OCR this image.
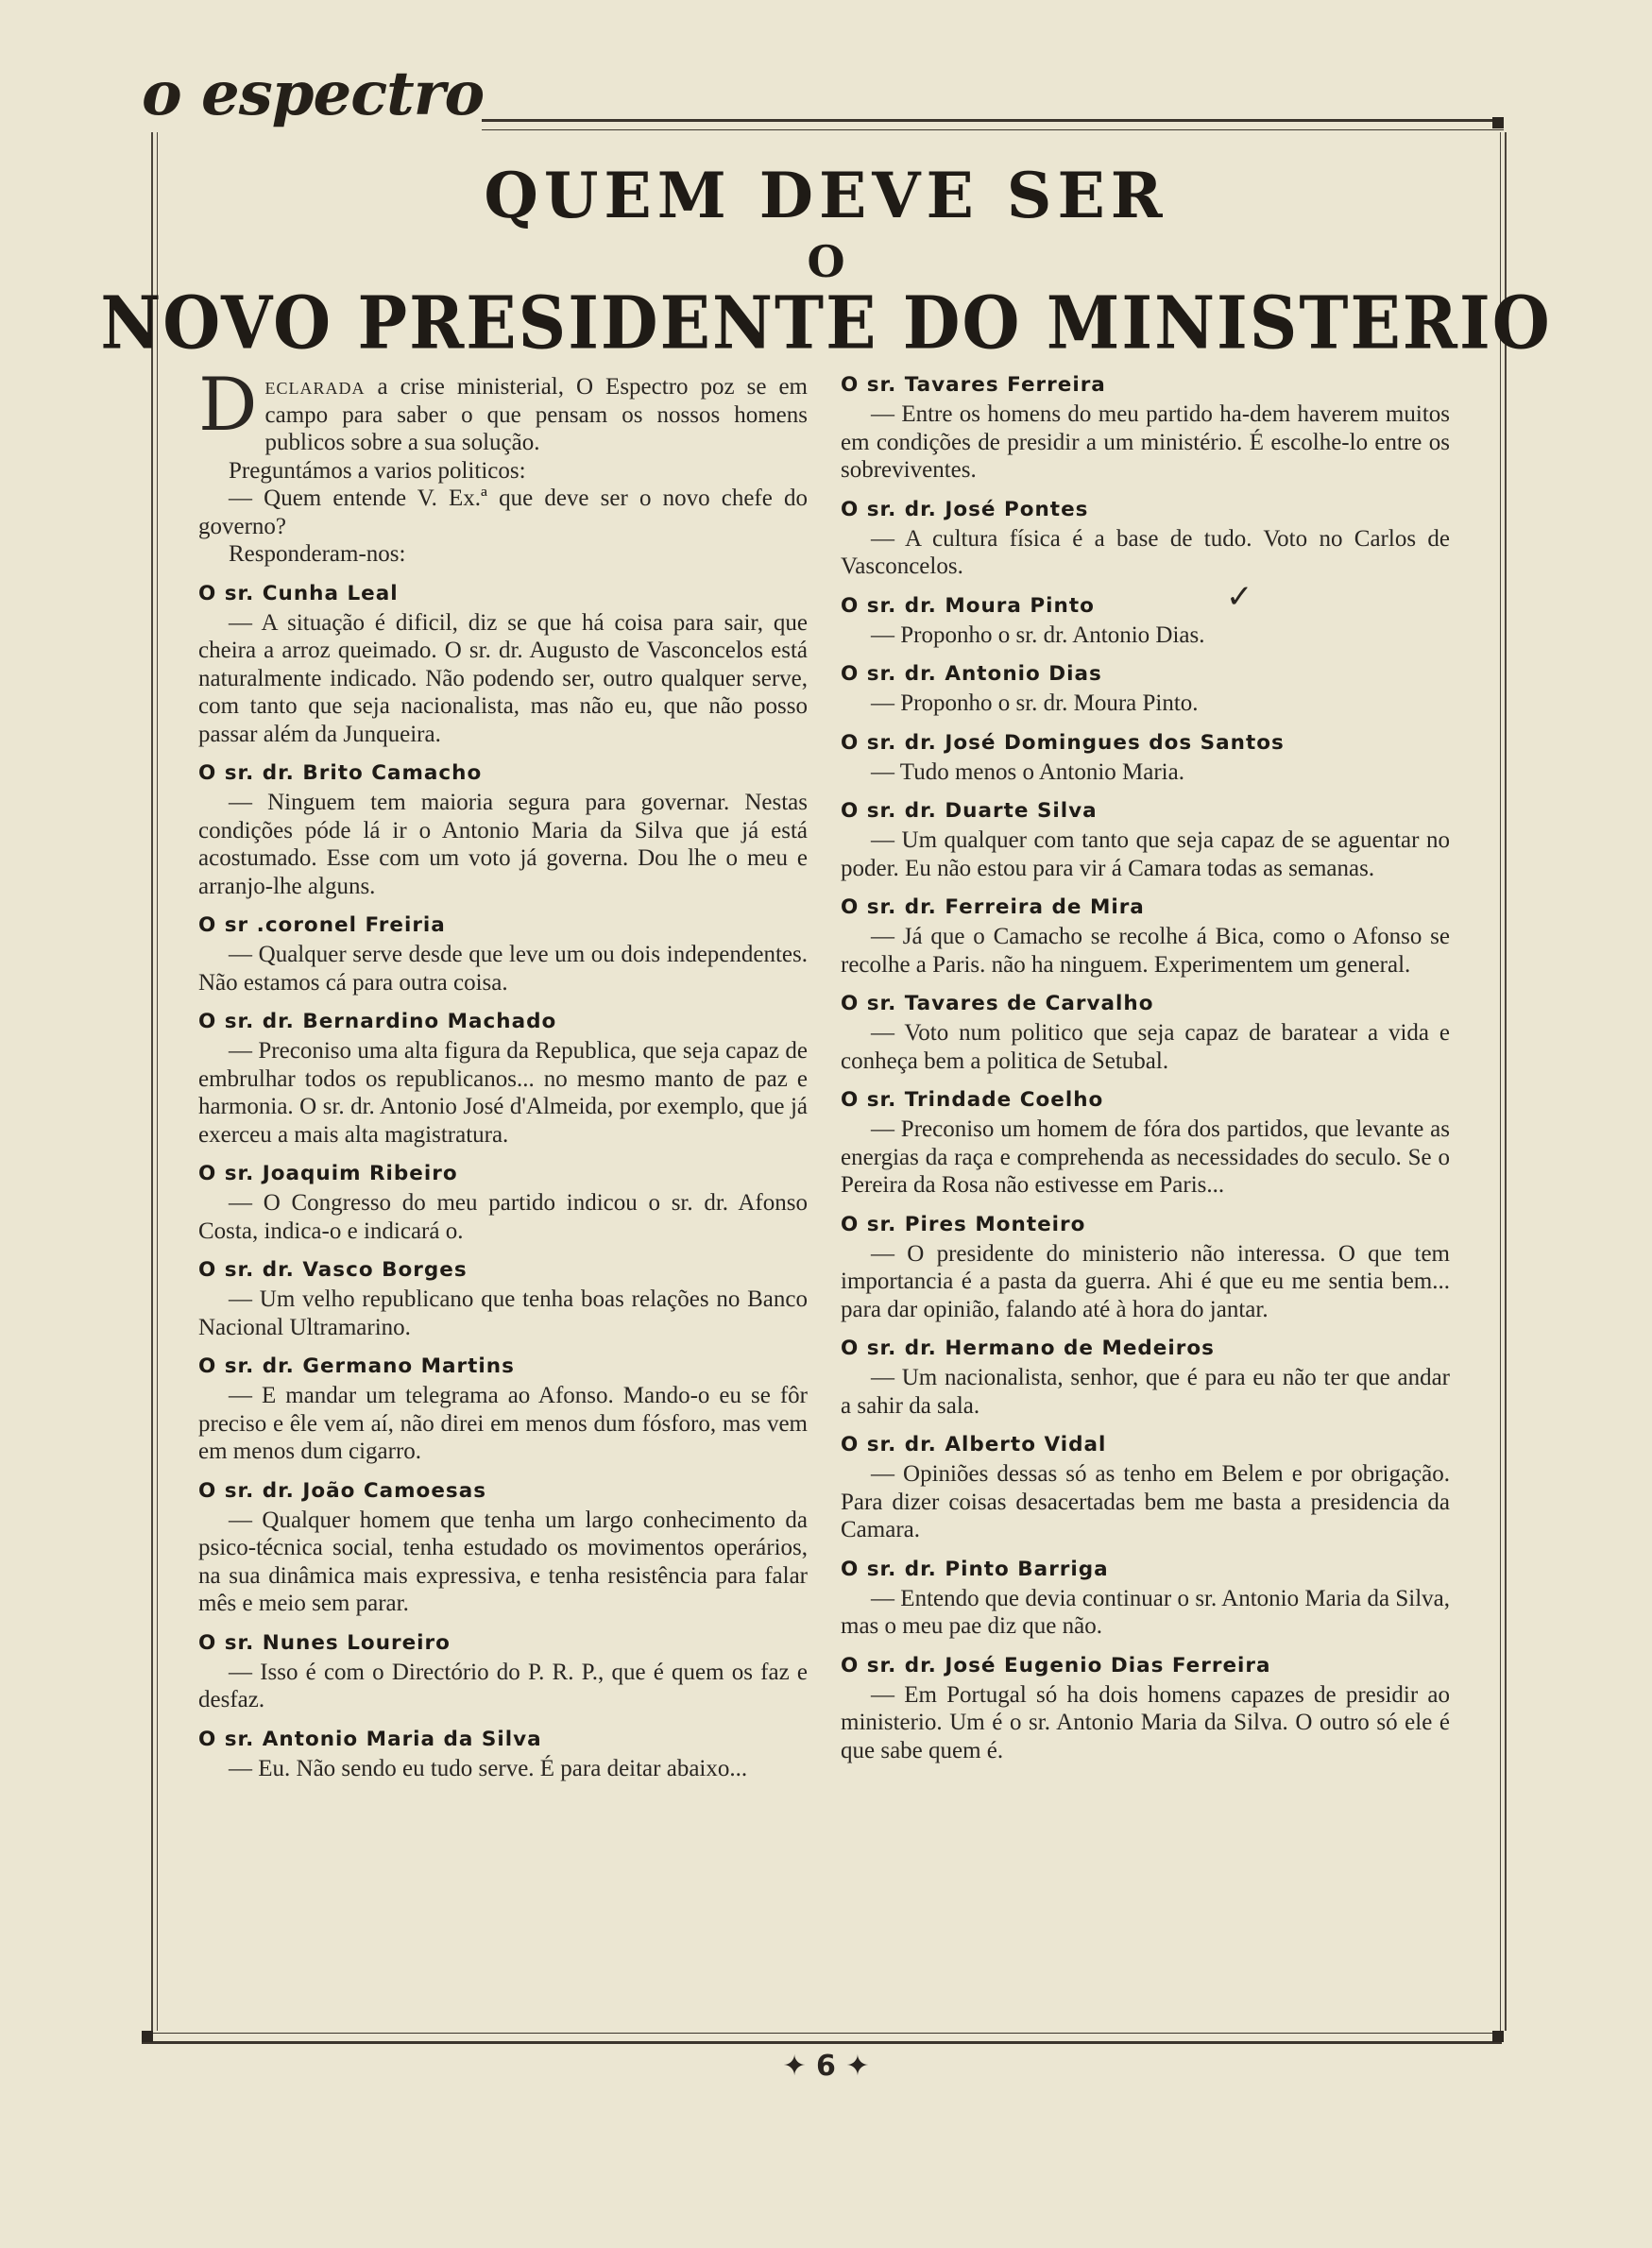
o espectro
QUEM DEVE SER
O
NOVO PRESIDENTE DO MINISTERIO

Declarada a crise ministerial, O Espectro poz se em campo para saber o que pensam os nossos homens publicos sobre a sua solução.

Preguntámos a varios politicos:

— Quem entende V. Ex.ª que deve ser o novo chefe do governo?

Responderam-nos:

O sr. Cunha Leal

— A situação é dificil, diz se que há coisa para sair, que cheira a arroz queimado. O sr. dr. Augusto de Vasconcelos está naturalmente indicado. Não podendo ser, outro qualquer serve, com tanto que seja nacionalista, mas não eu, que não posso passar além da Junqueira.

O sr. dr. Brito Camacho

— Ninguem tem maioria segura para governar. Nestas condições póde lá ir o Antonio Maria da Silva que já está acostumado. Esse com um voto já governa. Dou lhe o meu e arranjo-lhe alguns.

O sr .coronel Freiria

— Qualquer serve desde que leve um ou dois independentes. Não estamos cá para outra coisa.

O sr. dr. Bernardino Machado

— Preconiso uma alta figura da Republica, que seja capaz de embrulhar todos os republicanos... no mesmo manto de paz e harmonia. O sr. dr. Antonio José d'Almeida, por exemplo, que já exerceu a mais alta magistratura.

O sr. Joaquim Ribeiro

— O Congresso do meu partido indicou o sr. dr. Afonso Costa, indica-o e indicará o.

O sr. dr. Vasco Borges

— Um velho republicano que tenha boas relações no Banco Nacional Ultramarino.

O sr. dr. Germano Martins

— E mandar um telegrama ao Afonso. Mando-o eu se fôr preciso e êle vem aí, não direi em menos dum fósforo, mas vem em menos dum cigarro.

O sr. dr. João Camoesas

— Qualquer homem que tenha um largo conhecimento da psico-técnica social, tenha estudado os movimentos operários, na sua dinâmica mais expressiva, e tenha resistência para falar mês e meio sem parar.

O sr. Nunes Loureiro

— Isso é com o Directório do P. R. P., que é quem os faz e desfaz.

O sr. Antonio Maria da Silva

— Eu. Não sendo eu tudo serve. É para deitar abaixo...

O sr. Tavares Ferreira

— Entre os homens do meu partido ha-dem haverem muitos em condições de presidir a um ministério. É escolhe-lo entre os sobreviventes.

O sr. dr. José Pontes

— A cultura física é a base de tudo. Voto no Carlos de Vasconcelos.

O sr. dr. Moura Pinto

— Proponho o sr. dr. Antonio Dias.

O sr. dr. Antonio Dias

— Proponho o sr. dr. Moura Pinto.

O sr. dr. José Domingues dos Santos

— Tudo menos o Antonio Maria.

O sr. dr. Duarte Silva

— Um qualquer com tanto que seja capaz de se aguentar no poder. Eu não estou para vir á Camara todas as semanas.

O sr. dr. Ferreira de Mira

— Já que o Camacho se recolhe á Bica, como o Afonso se recolhe a Paris. não ha ninguem. Experimentem um general.

O sr. Tavares de Carvalho

— Voto num politico que seja capaz de baratear a vida e conheça bem a politica de Setubal.

O sr. Trindade Coelho

— Preconiso um homem de fóra dos partidos, que levante as energias da raça e comprehenda as necessidades do seculo. Se o Pereira da Rosa não estivesse em Paris...

O sr. Pires Monteiro

— O presidente do ministerio não interessa. O que tem importancia é a pasta da guerra. Ahi é que eu me sentia bem... para dar opinião, falando até à hora do jantar.

O sr. dr. Hermano de Medeiros

— Um nacionalista, senhor, que é para eu não ter que andar a sahir da sala.

O sr. dr. Alberto Vidal

— Opiniões dessas só as tenho em Belem e por obrigação. Para dizer coisas desacertadas bem me basta a presidencia da Camara.

O sr. dr. Pinto Barriga

— Entendo que devia continuar o sr. Antonio Maria da Silva, mas o meu pae diz que não.

O sr. dr. José Eugenio Dias Ferreira

— Em Portugal só ha dois homens capazes de presidir ao ministerio. Um é o sr. Antonio Maria da Silva. O outro só ele é que sabe quem é.

✦ 6 ✦
✓
